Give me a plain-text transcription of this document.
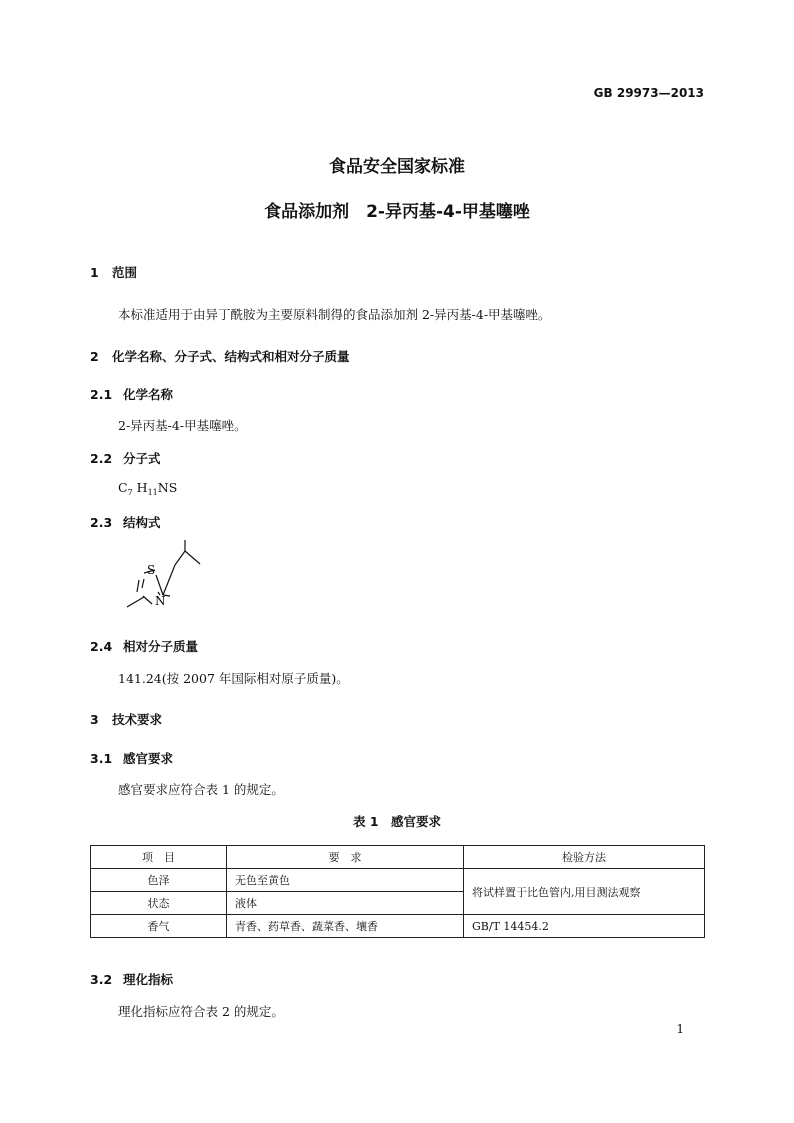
GB 29973—2013
食品安全国家标准
食品添加剂　2-异丙基-4-甲基噻唑
1 范围
本标准适用于由异丁酰胺为主要原料制得的食品添加剂 2-异丙基-4-甲基噻唑。
2 化学名称、分子式、结构式和相对分子质量
2.1 化学名称
2-异丙基-4-甲基噻唑。
2.2 分子式
$C_7$ $H_{11}NS$
2.3 结构式
S
N
2.4 相对分子质量
141.24(按 2007 年国际相对原子质量)。
3 技术要求
3.1 感官要求
感官要求应符合表 1 的规定。
表 1　感官要求
项　目	要　求	检验方法
色泽	无色至黄色	将试样置于比色管内,用目测法观察
状态	液体	
香气	青香、药草香、蔬菜香、壤香	GB/T 14454.2
3.2 理化指标
理化指标应符合表 2 的规定。
1
